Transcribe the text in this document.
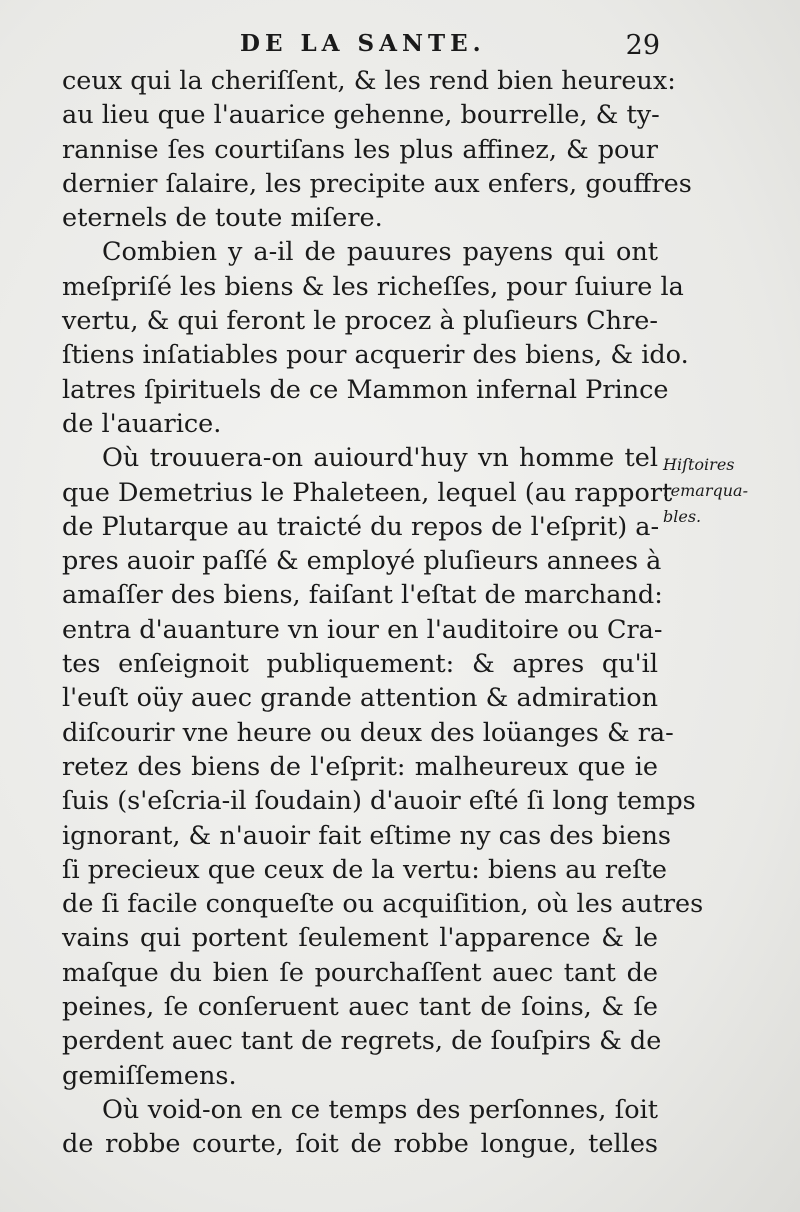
DE LA SANTE.	29
ceux qui la cheriſſent, & les rend bien heureux:
au lieu que l'auarice gehenne, bourrelle, & ty-
rannise ſes courtiſans les plus affinez, & pour
dernier ſalaire, les precipite aux enfers, gouffres
eternels de toute miſere.
Combien y a-il de pauures payens qui ont
meſpriſé les biens & les richeſſes, pour ſuiure la
vertu, & qui feront le procez à pluſieurs Chre-
ſtiens inſatiables pour acquerir des biens, & ido.
latres ſpirituels de ce Mammon infernal Prince
de l'auarice.
Où trouuera-on auiourd'huy vn homme tel
que Demetrius le Phaleteen, lequel (au rapport
de Plutarque au traicté du repos de l'eſprit) a-
pres auoir paſſé & employé pluſieurs annees à
amaſſer des biens, faiſant l'eſtat de marchand:
entra d'auanture vn iour en l'auditoire ou Cra-
tes enſeignoit publiquement: & apres qu'il
l'euſt oüy auec grande attention & admiration
diſcourir vne heure ou deux des loüanges & ra-
retez des biens de l'eſprit: malheureux que ie
ſuis (s'eſcria-il ſoudain) d'auoir eſté ſi long temps
ignorant, & n'auoir fait eſtime ny cas des biens
ſi precieux que ceux de la vertu: biens au reſte
de ſi facile conqueſte ou acquiſition, où les autres
vains qui portent ſeulement l'apparence & le
maſque du bien ſe pourchaſſent auec tant de
peines, ſe conſeruent auec tant de ſoins, & ſe
perdent auec tant de regrets, de ſouſpirs & de
gemiſſemens.
Où void-on en ce temps des perſonnes, ſoit
de robbe courte, ſoit de robbe longue, telles
Hiſtoires
remarqua-
bles.
